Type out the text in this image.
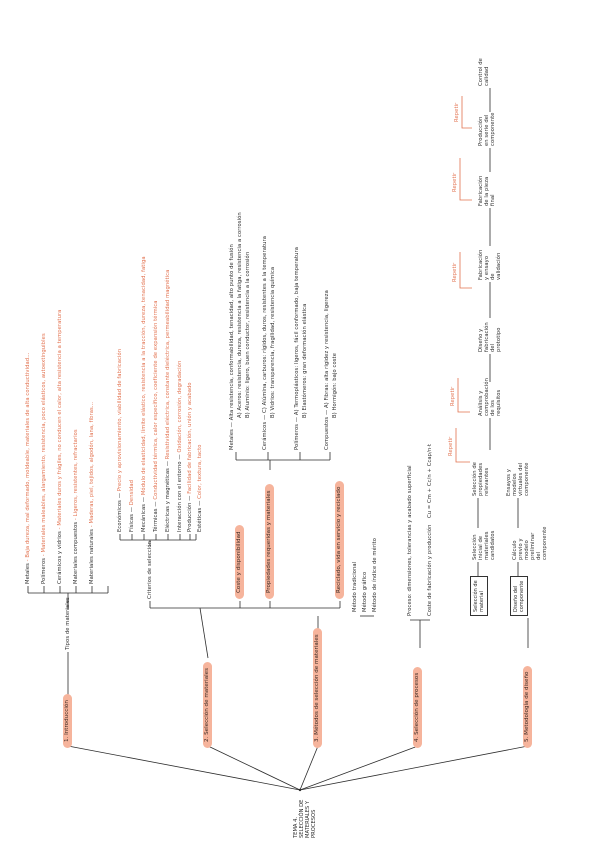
TEMA 4.
SELECCIÓN DE MATERIALES Y PROCESOS
1. Introducción	2. Selección de materiales	3. Métodos de selección de materiales	4. Selección de procesos	5. Metodología de diseño
Tipos de materiales
Metales - Baja dureza, mal deformado, moldeable, materiales de alta conductividad...
Polímeros - Materiales maleables, alargamiento, resistencia, poco elásticos, autoextinguibles
Cerámicos y vidrios - Materiales duros y frágiles, no conducen el calor, alta resistencia a temperatura
Materiales compuestos - Ligeros, resistentes, refractarios
Materiales naturales - Maderas, piel, tejidos, algodón, lana, fibras...
Criterios de selección
Económicos — Precio y aprovisionamiento, viabilidad de fabricación
Físicas — Densidad
Mecánicas — Módulo de elasticidad, límite elástico, resistencia a la tracción, dureza, tenacidad, fatiga
Térmicas — Conductividad térmica, calor específico, coeficiente de expansión térmica
Eléctricas y magnéticas — Resistividad eléctrica, constante dieléctrica, permeabilidad magnética
Interacción con el entorno — Oxidación, corrosión, degradación
Producción — Facilidad de fabricación, unión y acabado
Estéticas — Color, textura, tacto
Coste y disponibilidad	Propiedades requeridas y materiales	Reciclado, vida en servicio y reciclado
Metales — Alta resistencia, conformabilidad, tenacidad, alto punto de fusión A) Aceros: resistencia, dureza, resistencia a la fatiga, resistencia a corrosión B) Aluminio: ligero, buen conductor, resistencia a la corrosión
Cerámicos — C) Alúmina, carburos: rígidos, duros, resistentes a la temperatura B) Vidrios: transparencia, fragilidad, resistencia química
Polímeros — A) Termoplásticos: ligeros, fácil conformado, baja temperatura B) Elastómeros: gran deformación elástica
Compuestos — A) Fibras: alta rigidez y resistencia, ligereza B) Hormigón: bajo coste
Método tradicional Método gráfico Método de índice de mérito	Proceso: dimensiones, tolerancias y acabado superficial	Coste de fabricación y producción
Cu = Cm + Cc/n + Ccap/n·t
Selección de material	Diseño del componente
Selección inicial de materiales candidatos	Cálculo previo y modelo preliminar del componente
Selección de propiedades relevantes	Ensayos y modelos virtuales del componente
Análisis y comprobación de los requisitos
Diseño y fabricación del prototipo
Fabricación y ensayo de validación
Fabricación de la pieza final
Producción en serie del componente
Control de calidad
Repetir
Repetir
Repetir
Repetir
Repetir
